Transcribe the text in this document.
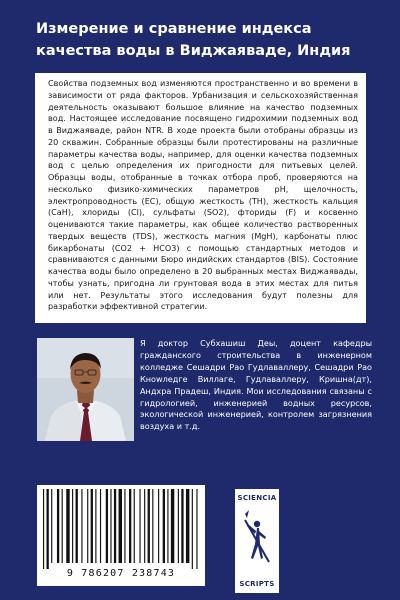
Измерение и сравнение индекса
качества воды в Виджаяваде, Индия
Свойства подземных вод изменяются пространственно и во времени в зависимости от ряда факторов. Урбанизация и сельскохозяйственная деятельность оказывают большое влияние на качество подземных вод. Настоящее исследование посвящено гидрохимии подземных вод в Виджаяваде, район NTR. В ходе проекта были отобраны образцы из 20 скважин. Собранные образцы были протестированы на различные параметры качества воды, например, для оценки качества подземных вод с целью определения их пригодности для питьевых целей. Образцы воды, отобранные в точках отбора проб, проверяются на несколько физико-химических параметров pH, щелочность, электропроводность (EC), общую жесткость (TH), жесткость кальция (CaH), хлориды (Cl), сульфаты (SO2), фториды (F) и косвенно оцениваются такие параметры, как общее количество растворенных твердых веществ (TDS), жесткость магния (MgH), карбонаты плюс бикарбонаты (CO2 + HCO3) с помощью стандартных методов и сравниваются с данными Бюро индийских стандартов (BIS). Состояние качества воды было определено в 20 выбранных местах Виджаявады, чтобы узнать, пригодна ли грунтовая вода в этих местах для питья или нет. Результаты этого исследования будут полезны для разработки эффективной стратегии.
Я доктор Субхашиш Деы, доцент кафедры гражданского строительства в инженерном колледже Сешадри Рао Гудлаваллеру, Сешадри Рао Кноwледге Виллаге, Гудлаваллеру, Кришна(дт), Андхра Прадеш, Индия. Мои исследования связаны с гидрологией, инженерией водных ресурсов, экологической инженерией, контролем загрязнения воздуха и т.д.
9 786207 238743
SCIENCIA
SCRIPTS
